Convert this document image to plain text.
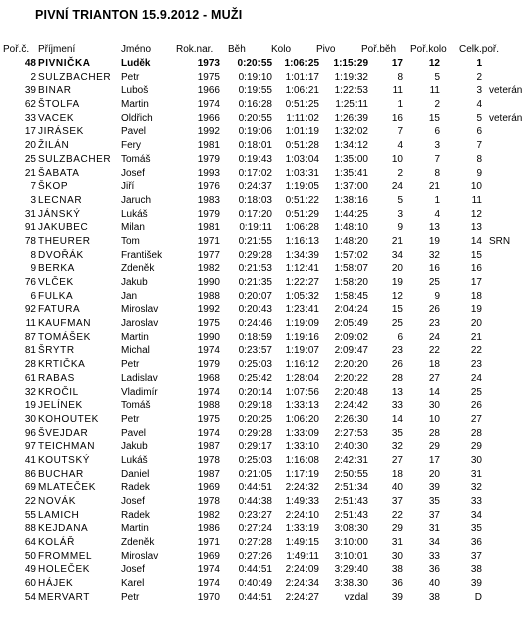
PIVNÍ TRIANTON 15.9.2012 - MUŽI
Poř.č. Příjmení	Jméno Rok.nar. Běh	Kolo Pivo	Poř.běh Poř.kolo Celk.poř.
48 PIVNIČKA	Luděk	1973	0:20:55	1:06:25	1:15:29	17	12	1
2 SULZBACHER Petr	1975	0:19:10	1:01:17	1:19:32	8	5	2
39 BINAR	Luboš	1966	0:19:55	1:06:21	1:22:53	11	11	3 veterán
62 ŠTOLFA	Martin	1974	0:16:28	0:51:25	1:25:11	1	2	4
33 VACEK	Oldřich	1966	0:20:55	1:11:02	1:26:39	16	15	5 veterán
17 JIRÁSEK	Pavel	1992	0:19:06	1:01:19	1:32:02	7	6	6
20 ŽILÁN	Fery	1981	0:18:01	0:51:28	1:34:12	4	3	7
25 SULZBACHER Tomáš	1979	0:19:43	1:03:04	1:35:00	10	7	8
21 ŠABATA	Josef	1993	0:17:02	1:03:31	1:35:41	2	8	9
7 ŠKOP	Jiří	1976	0:24:37	1:19:05	1:37:00	24	21	10
3 LECNAR	Jaruch	1983	0:18:03	0:51:22	1:38:16	5	1	11
31 JÁNSKÝ	Lukáš	1979	0:17:20	0:51:29	1:44:25	3	4	12
91 JAKUBEC	Milan	1981	0:19:11	1:06:28	1:48:10	9	13	13
78 THEURER	Tom	1971	0:21:55	1:16:13	1:48:20	21	19	14 SRN
8 DVOŘÁK	František	1977	0:29:28	1:34:39	1:57:02	34	32	15
9 BERKA	Zdeněk	1982	0:21:53	1:12:41	1:58:07	20	16	16
76 VLČEK	Jakub	1990	0:21:35	1:22:27	1:58:20	19	25	17
6 FULKA	Jan	1988	0:20:07	1:05:32	1:58:45	12	9	18
92 FATURA	Miroslav	1992	0:20:43	1:23:41	2:04:24	15	26	19
11 KAUFMAN	Jaroslav	1975	0:24:46	1:19:09	2:05:49	25	23	20
87 TOMÁŠEK	Martin	1990	0:18:59	1:19:16	2:09:02	6	24	21
81 ŠRYTR	Michal	1974	0:23:57	1:19:07	2:09:47	23	22	22
28 KRTIČKA	Petr	1979	0:25:03	1:16:12	2:20:20	26	18	23
61 RABAS	Ladislav	1968	0:25:42	1:28:04	2:20:22	28	27	24
32 KROČIL	Vladimír	1974	0:20:14	1:07:56	2:20:48	13	14	25
19 JELÍNEK	Tomáš	1988	0:29:18	1:33:13	2:24:42	33	30	26
30 KOHOUTEK Petr	1975	0:20:25	1:06:20	2:26:30	14	10	27
96 ŠVEJDAR	Pavel	1974	0:29:28	1:33:09	2:27:53	35	28	28
97 TEICHMAN	Jakub	1987	0:29:17	1:33:10	2:40:30	32	29	29
41 KOUTSKÝ	Lukáš	1978	0:25:03	1:16:08	2:42:31	27	17	30
86 BUCHAR	Daniel	1987	0:21:05	1:17:19	2:50:55	18	20	31
69 MLATEČEK	Radek	1969	0:44:51	2:24:32	2:51:34	40	39	32
22 NOVÁK	Josef	1978	0:44:38	1:49:33	2:51:43	37	35	33
55 LAMICH	Radek	1982	0:23:27	2:24:10	2:51:43	22	37	34
88 KEJDANA	Martin	1986	0:27:24	1:33:19	3:08:30	29	31	35
64 KOLÁŘ	Zdeněk	1971	0:27:28	1:49:15	3:10:00	31	34	36
50 FROMMEL	Miroslav	1969	0:27:26	1:49:11	3:10:01	30	33	37
49 HOLEČEK	Josef	1974	0:44:51	2:24:09	3:29:40	38	36	38
60 HÁJEK	Karel	1974	0:40:49	2:24:34	3:38.30	36	40	39
54 MERVART	Petr	1970	0:44:51	2:24:27	vzdal	39	38	D
